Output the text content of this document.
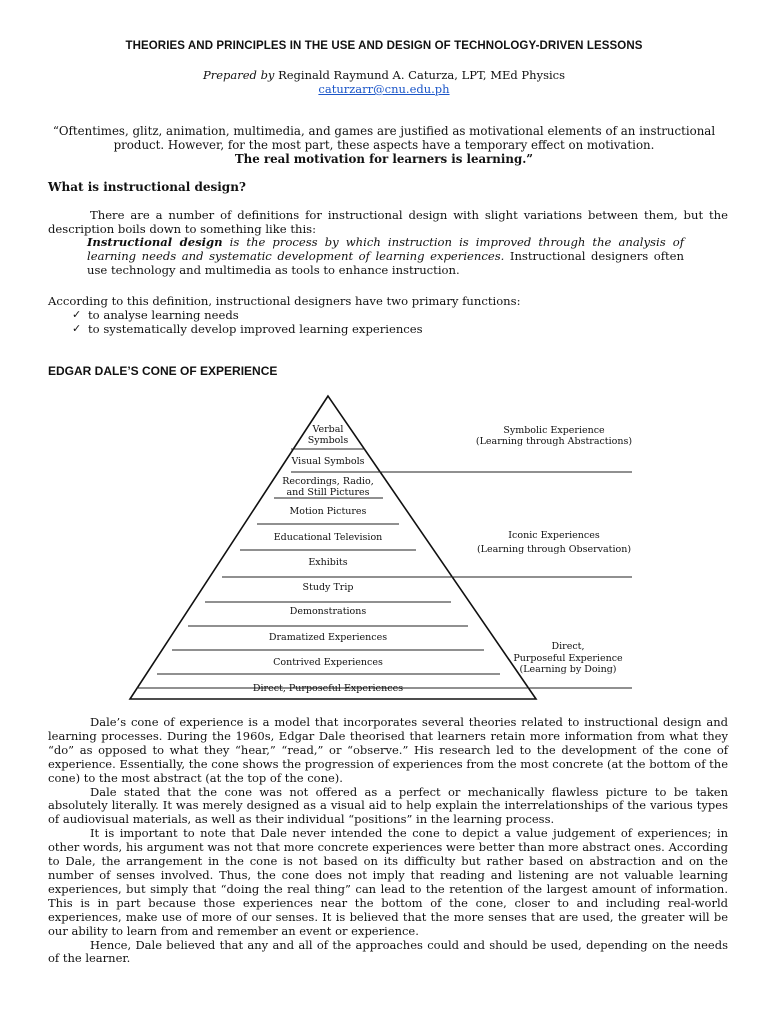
THEORIES AND PRINCIPLES IN THE USE AND DESIGN OF TECHNOLOGY-DRIVEN LESSONS
Prepared by Reginald Raymund A. Caturza, LPT, MEd Physics
caturzarr@cnu.edu.ph
“Oftentimes, glitz, animation, multimedia, and games are justified as motivational elements of an instructional
product. However, for the most part, these aspects have a temporary effect on motivation.
The real motivation for learners is learning.”
What is instructional design?
There are a number of definitions for instructional design with slight variations between them, but the
description boils down to something like this:
Instructional design is the process by which instruction is improved through the analysis of learning needs and systematic development of learning experiences. Instructional designers often use technology and multimedia as tools to enhance instruction.
According to this definition, instructional designers have two primary functions:
✓ to analyse learning needs
✓ to systematically develop improved learning experiences
EDGAR DALE’S CONE OF EXPERIENCE
Verbal
Symbols
Visual Symbols
Recordings, Radio,
and Still Pictures
Motion Pictures
Educational Television
Exhibits
Study Trip
Demonstrations
Dramatized Experiences
Contrived Experiences
Direct, Purposeful Experiences
Symbolic Experience
(Learning through Abstractions)
Iconic Experiences
(Learning through Observation)
Direct,
Purposeful Experience
(Learning by Doing)

Dale’s cone of experience is a model that incorporates several theories related to instructional design and learning processes. During the 1960s, Edgar Dale theorised that learners retain more information from what they “do” as opposed to what they “hear,” “read,” or “observe.” His research led to the development of the cone of experience. Essentially, the cone shows the progression of experiences from the most concrete (at the bottom of the cone) to the most abstract (at the top of the cone).

Dale stated that the cone was not offered as a perfect or mechanically flawless picture to be taken absolutely literally. It was merely designed as a visual aid to help explain the interrelationships of the various types of audiovisual materials, as well as their individual “positions” in the learning process.

It is important to note that Dale never intended the cone to depict a value judgement of experiences; in other words, his argument was not that more concrete experiences were better than more abstract ones. According to Dale, the arrangement in the cone is not based on its difficulty but rather based on abstraction and on the number of senses involved. Thus, the cone does not imply that reading and listening are not valuable learning experiences, but simply that “doing the real thing” can lead to the retention of the largest amount of information. This is in part because those experiences near the bottom of the cone, closer to and including real-world experiences, make use of more of our senses. It is believed that the more senses that are used, the greater will be our ability to learn from and remember an event or experience.

Hence, Dale believed that any and all of the approaches could and should be used, depending on the needs of the learner.
